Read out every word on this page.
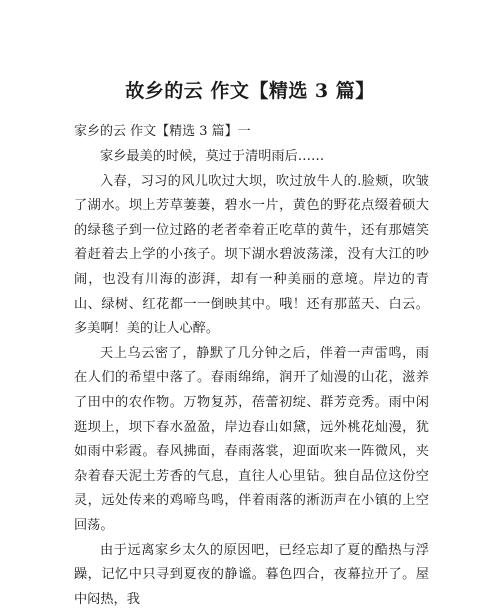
故乡的云 作文【精选 3 篇】
家乡的云 作文【精选 3 篇】一

家乡最美的时候，莫过于清明雨后……

入春，习习的风儿吹过大坝，吹过放牛人的.脸颊，吹皱了湖水。坝上芳草萋萋，碧水一片，黄色的野花点缀着硕大的绿毯子到一位过路的老者牵着正吃草的黄牛，还有那嬉笑着赶着去上学的小孩子。坝下湖水碧波荡漾，没有大江的吵闹，也没有川海的澎湃，却有一种美丽的意境。岸边的青山、绿树、红花都一一倒映其中。哦！还有那蓝天、白云。多美啊！美的让人心醉。

天上乌云密了，静默了几分钟之后，伴着一声雷鸣，雨在人们的希望中落了。春雨绵绵，润开了灿漫的山花，滋养了田中的农作物。万物复苏，蓓蕾初绽、群芳竞秀。雨中闲逛坝上，坝下春水盈盈，岸边春山如黛，远外桃花灿漫，犹如雨中彩霞。春风拂面，春雨落裳，迎面吹来一阵微风，夹杂着春天泥土芳香的气息，直往人心里钻。独自品位这份空灵，远处传来的鸡啼鸟鸣，伴着雨落的淅沥声在小镇的上空回荡。

由于远离家乡太久的原因吧，已经忘却了夏的酷热与浮躁，记忆中只寻到夏夜的静谧。暮色四合，夜幕拉开了。屋中闷热，我
